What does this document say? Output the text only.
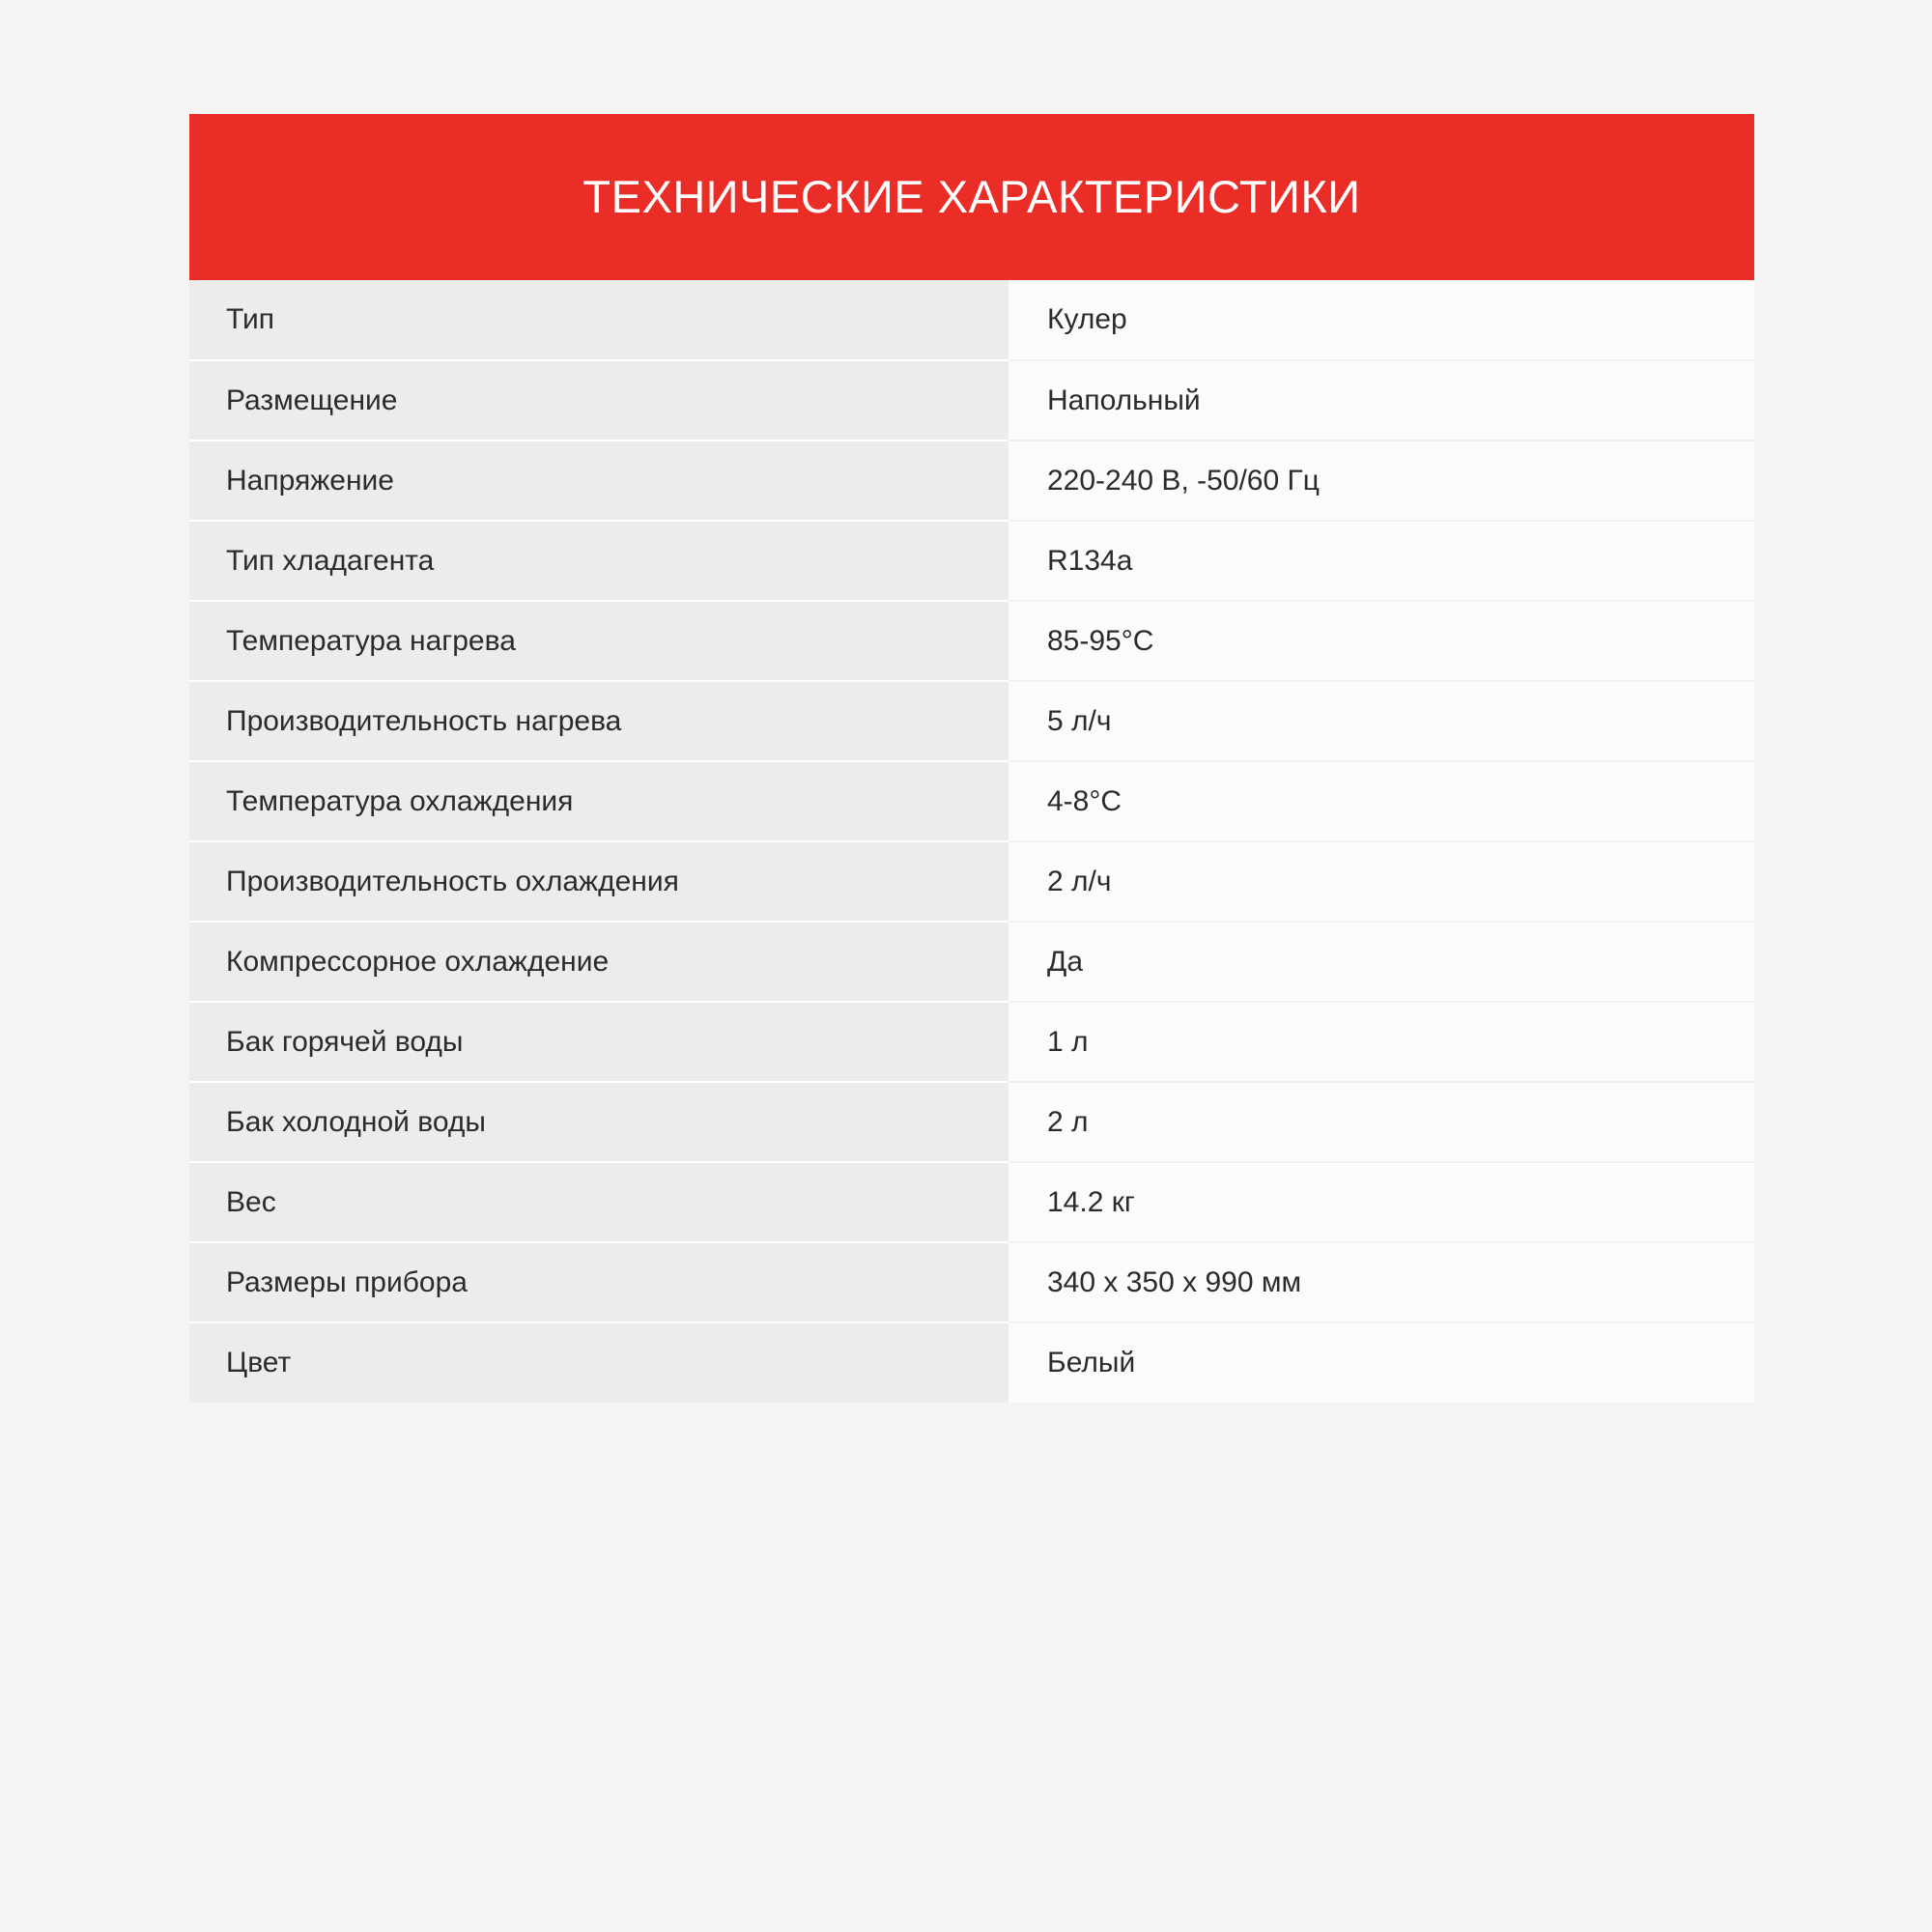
ТЕХНИЧЕСКИЕ ХАРАКТЕРИСТИКИ
Тип	Кулер
Размещение	Напольный
Напряжение	220-240 В, -50/60 Гц
Тип хладагента	R134a
Температура нагрева	85-95°C
Производительность нагрева	5 л/ч
Температура охлаждения	4-8°C
Производительность охлаждения	2 л/ч
Компрессорное охлаждение	Да
Бак горячей воды	1 л
Бак холодной воды	2 л
Вес	14.2 кг
Размеры прибора	340 x 350 x 990 мм
Цвет	Белый
